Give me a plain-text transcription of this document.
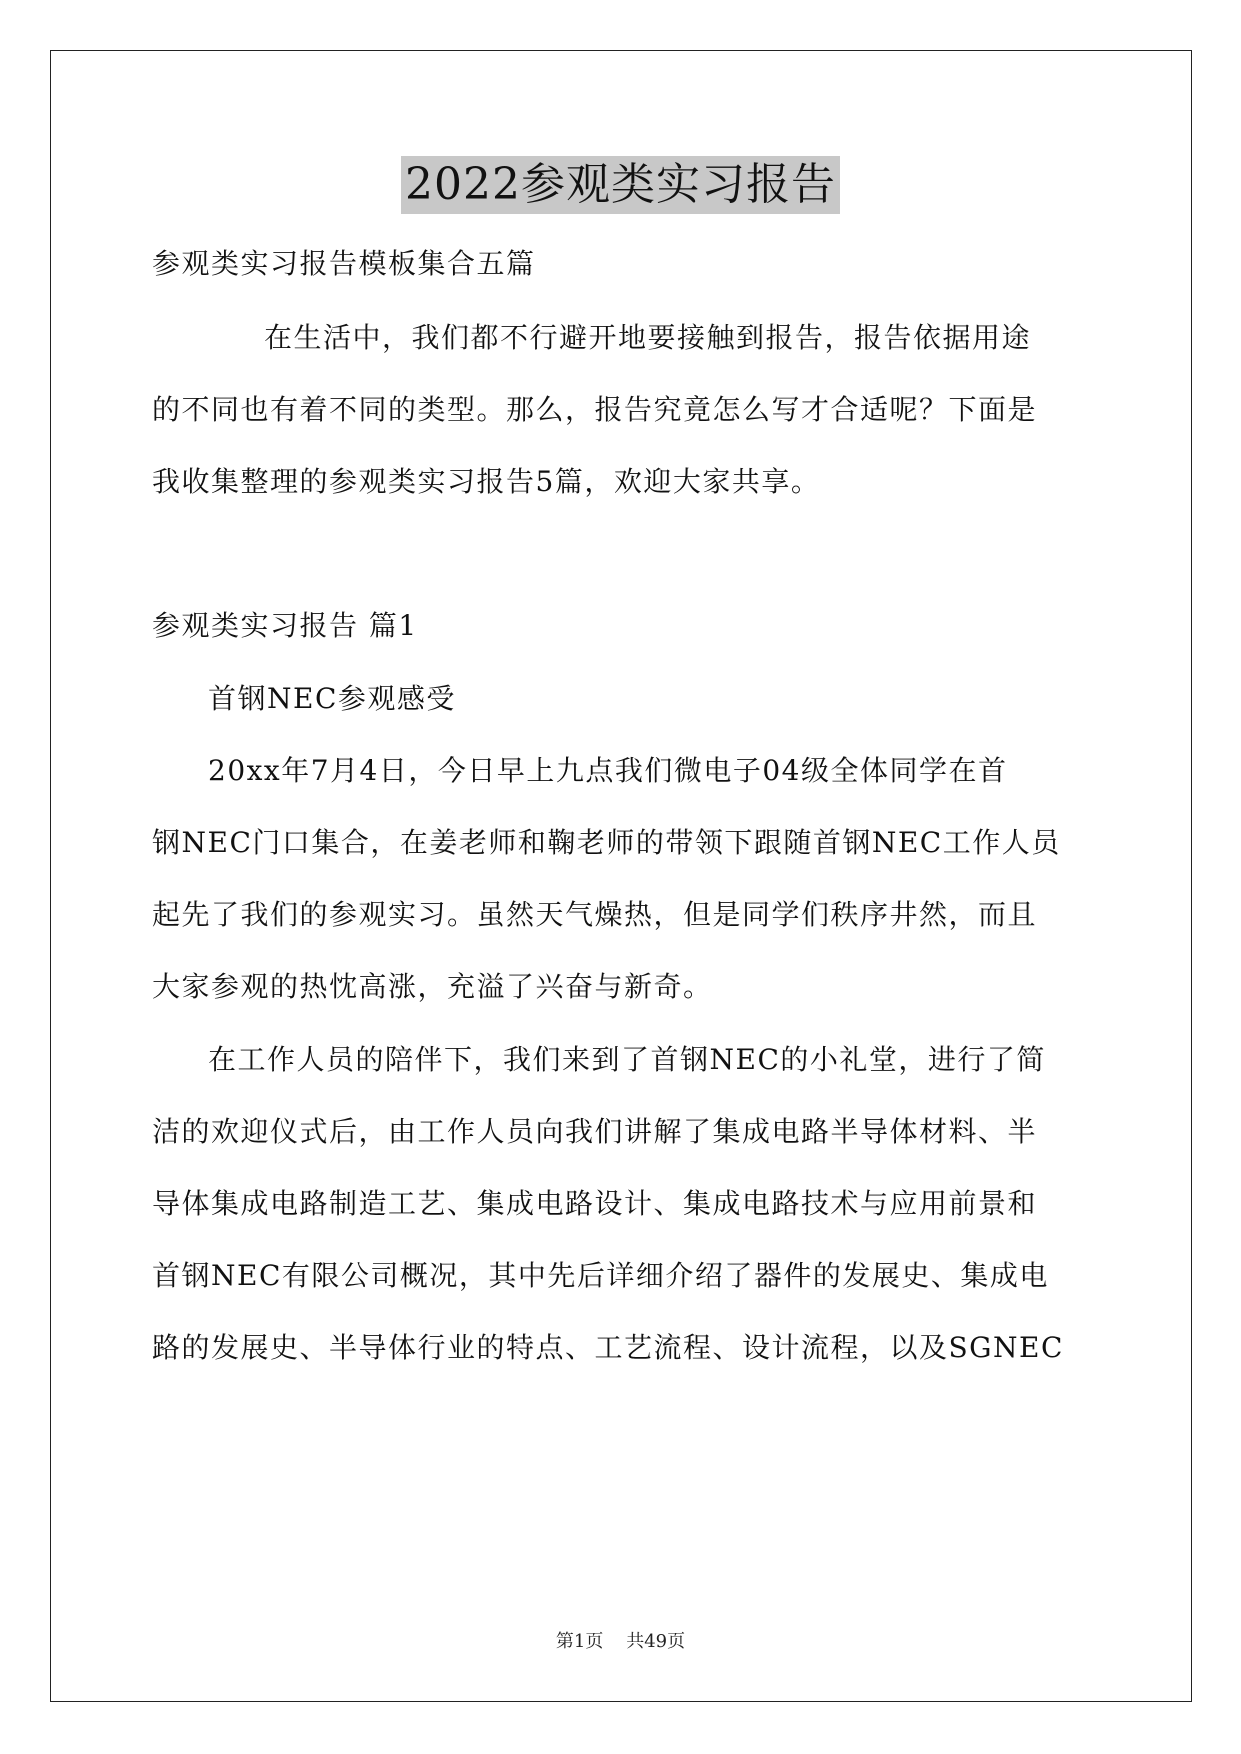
2022参观类实习报告

参观类实习报告模板集合五篇

在生活中，我们都不行避开地要接触到报告，报告依据用途

的不同也有着不同的类型。那么，报告究竟怎么写才合适呢？下面是

我收集整理的参观类实习报告5篇，欢迎大家共享。

参观类实习报告 篇1

首钢NEC参观感受

20xx年7月4日，今日早上九点我们微电子04级全体同学在首

钢NEC门口集合，在姜老师和鞠老师的带领下跟随首钢NEC工作人员

起先了我们的参观实习。虽然天气燥热，但是同学们秩序井然，而且

大家参观的热忱高涨，充溢了兴奋与新奇。

在工作人员的陪伴下，我们来到了首钢NEC的小礼堂，进行了简

洁的欢迎仪式后，由工作人员向我们讲解了集成电路半导体材料、半

导体集成电路制造工艺、集成电路设计、集成电路技术与应用前景和

首钢NEC有限公司概况，其中先后详细介绍了器件的发展史、集成电

路的发展史、半导体行业的特点、工艺流程、设计流程，以及SGNEC

第1页 共49页
